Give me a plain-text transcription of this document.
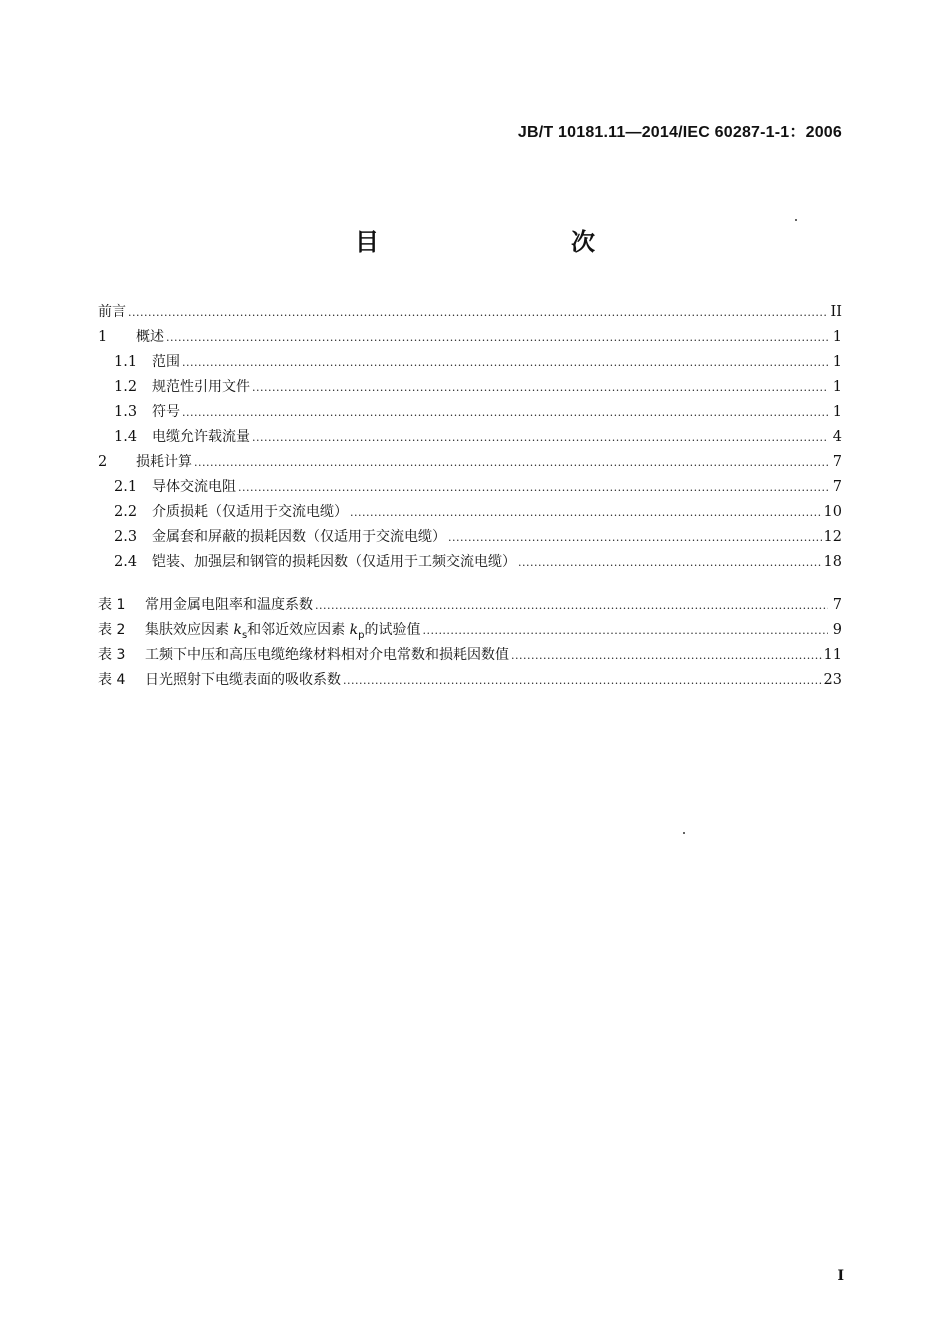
JB/T 10181.11—2014/IEC 60287-1-1：2006
目　　次
前言 .....	II
1	概述 .....	1
1.1	范围 .....	1
1.2	规范性引用文件 .....	1
1.3	符号 .....	1
1.4	电缆允许载流量 .....	4
2	损耗计算 .....	7
2.1	导体交流电阻 .....	7
2.2	介质损耗（仅适用于交流电缆） .....	10
2.3	金属套和屏蔽的损耗因数（仅适用于交流电缆） .....	12
2.4	铠装、加强层和钢管的损耗因数（仅适用于工频交流电缆） .....	18
表 1	常用金属电阻率和温度系数 .....	7
表 2	集肤效应因素 $k_s$和邻近效应因素 $k_p$的试验值 .....	9
表 3	工频下中压和高压电缆绝缘材料相对介电常数和损耗因数值 .....	11
表 4	日光照射下电缆表面的吸收系数 .....	23
I
